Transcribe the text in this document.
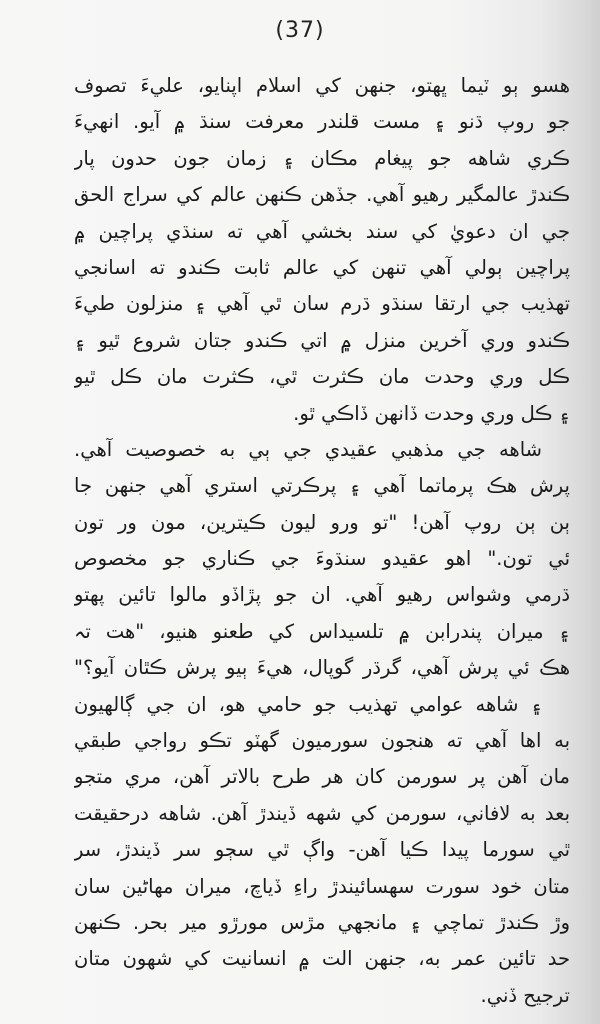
(37)
هسو ٻو ٽيما ڀهتو، جنهن کي اسلام اپنايو، عليءَ تصوف
جو روپ ڌنو ۽ مست قلندر معرفت سنڌ ۾ آيو. انهيءَ
ڪري شاهه جو پيغام مڪان ۽ زمان جون حدون پار
ڪندڙ عالمگير رهيو آهي. جڏهن ڪنهن عالم کي سراج الحق
جي ان دعويٰ کي سند بخشي آهي ته سنڌي پراچين ۾
پراچين ٻولي آهي تنهن کي عالم ثابت ڪندو ته اسانجي
تهذيب جي ارتقا سنڌو ڌرم سان ٿي آهي ۽ منزلون طيءَ
ڪندو وري آخرين منزل ۾ اتي ڪندو جتان شروع ٿيو ۽
ڪل وري وحدت مان ڪثرت ٿي، ڪثرت مان ڪل ٿيو
۽ ڪل وري وحدت ڏانهن ڏاڪي ٿو.
شاهه جي مذهبي عقيدي جي ٻي به خصوصيت آهي.
پرش هڪ پرماتما آهي ۽ پرڪرتي استري آهي جنهن جا
ٻن ٻن روپ آهن! "تو ورو ليون ڪيترين، مون ور تون
ئي تون." اهو عقيدو سنڌوءَ جي ڪناري جو مخصوص
ڌرمي وشواس رهيو آهي. ان جو پڙاڏو مالوا تائين پهتو
۽ ميران پندرابن ۾ تلسيداس کي طعنو هنيو، "هت تہ
هڪ ئي پرش آهي، گرڌر گوپال، هيءَ ٻيو پرش ڪٿان آيو؟"
۽ شاهه عوامي تهذيب جو حامي هو، ان جي ڳالهيون
به اها آهي ته هنجون سورميون گهٽو تڪو رواجي طبقي
مان آهن پر سورمن کان هر طرح بالاتر آهن، مري متجو
بعد به لافاني، سورمن کي شهه ڏيندڙ آهن. شاهه درحقيقت
ٿي سورما پيدا ڪيا آهن- واڳ ٿي سڄو سر ڏيندڙ، سر
متان خود سورت سهسائيندڙ راءِ ڏياچ، ميران مهاڻين سان
وڙ ڪندڙ تماچي ۽ مانجهي مڙس مورڙو مير بحر. ڪنهن
حد تائين عمر به، جنهن الت ۾ انسانيت کي شهون متان
ترجيح ڏني.
